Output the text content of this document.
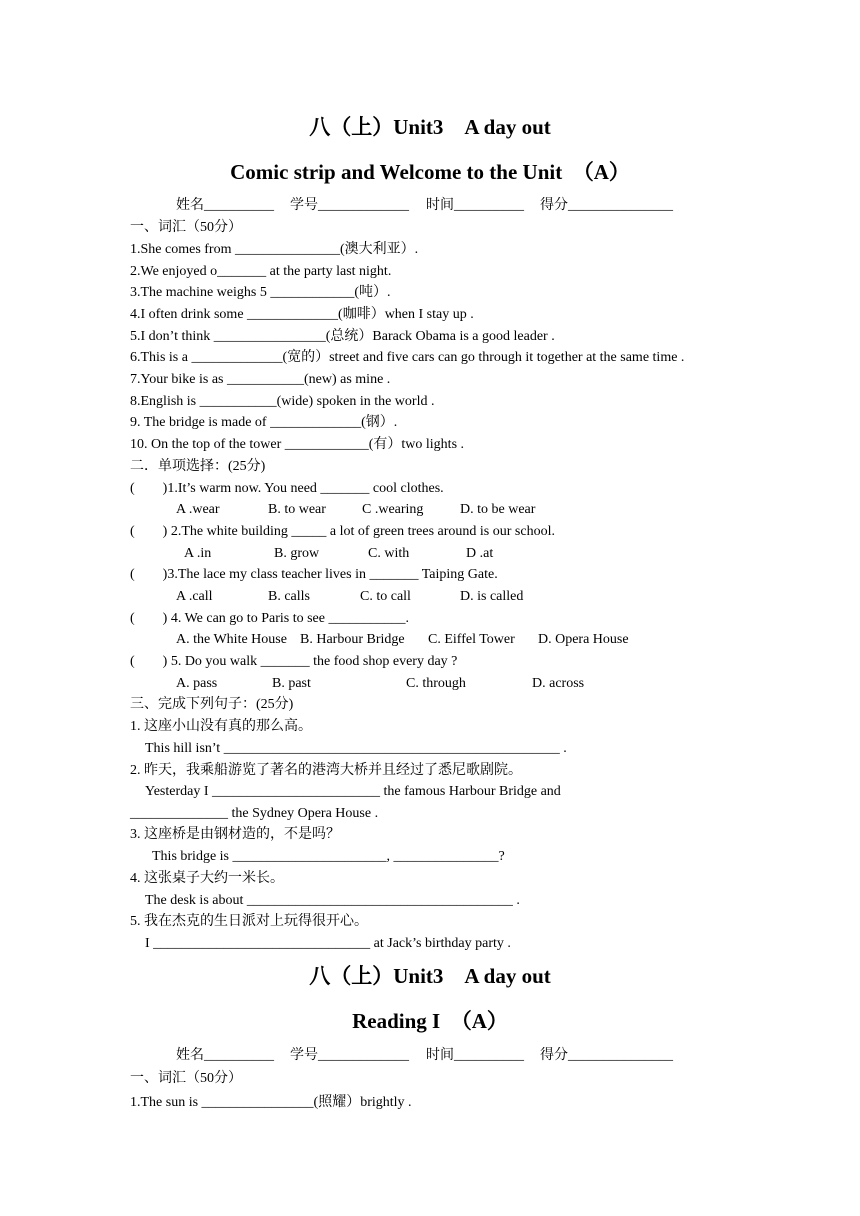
八（上）Unit3　A day out
Comic strip and Welcome to the Unit　（A）
姓名__________ 学号_____________ 时间__________ 得分_______________
一、词汇（50分）
1.She comes from _______________(澳大利亚）.
2.We enjoyed o_______ at the party last night.
3.The machine weighs 5 ____________(吨）.
4.I often drink some _____________(咖啡）when I stay up .
5.I don’t think ________________(总统）Barack Obama is a good leader .
6.This is a _____________(宽的）street and five cars can go through it together at the same time .
7.Your bike is as ___________(new) as mine .
8.English is ___________(wide) spoken in the world .
9. The bridge is made of _____________(钢）.
10. On the top of the tower ____________(有）two lights .
二．单项选择：(25分)
(　　)1.It’s warm now. You need _______ cool clothes.
A .wear	B. to wear	C .wearing	D. to be wear
(　　) 2.The white building _____ a lot of green trees around is our school.
A .in	B. grow	C. with	D .at
(　　)3.The lace my class teacher lives in _______ Taiping Gate.
A .call	B. calls	C. to call	D. is called
(　　) 4. We can go to Paris to see ___________.
A. the White House B. Harbour Bridge C. Eiffel Tower D. Opera House
(　　) 5. Do you walk _______ the food shop every day ?
A. pass	B. past	C. through	D. across
三、完成下列句子：(25分)
1. 这座小山没有真的那么高。
This hill isn’t ________________________________________________ .
2. 昨天，我乘船游览了著名的港湾大桥并且经过了悉尼歌剧院。
Yesterday I ________________________ the famous Harbour Bridge and
______________ the Sydney Opera House .
3. 这座桥是由钢材造的，不是吗？
This bridge is ______________________, _______________?
4. 这张桌子大约一米长。
The desk is about ______________________________________ .
5. 我在杰克的生日派对上玩得很开心。
I _______________________________ at Jack’s birthday party .
八（上）Unit3　A day out
Reading I　（A）
姓名__________ 学号_____________ 时间__________ 得分_______________
一、词汇（50分）
1.The sun is ________________(照耀）brightly .
